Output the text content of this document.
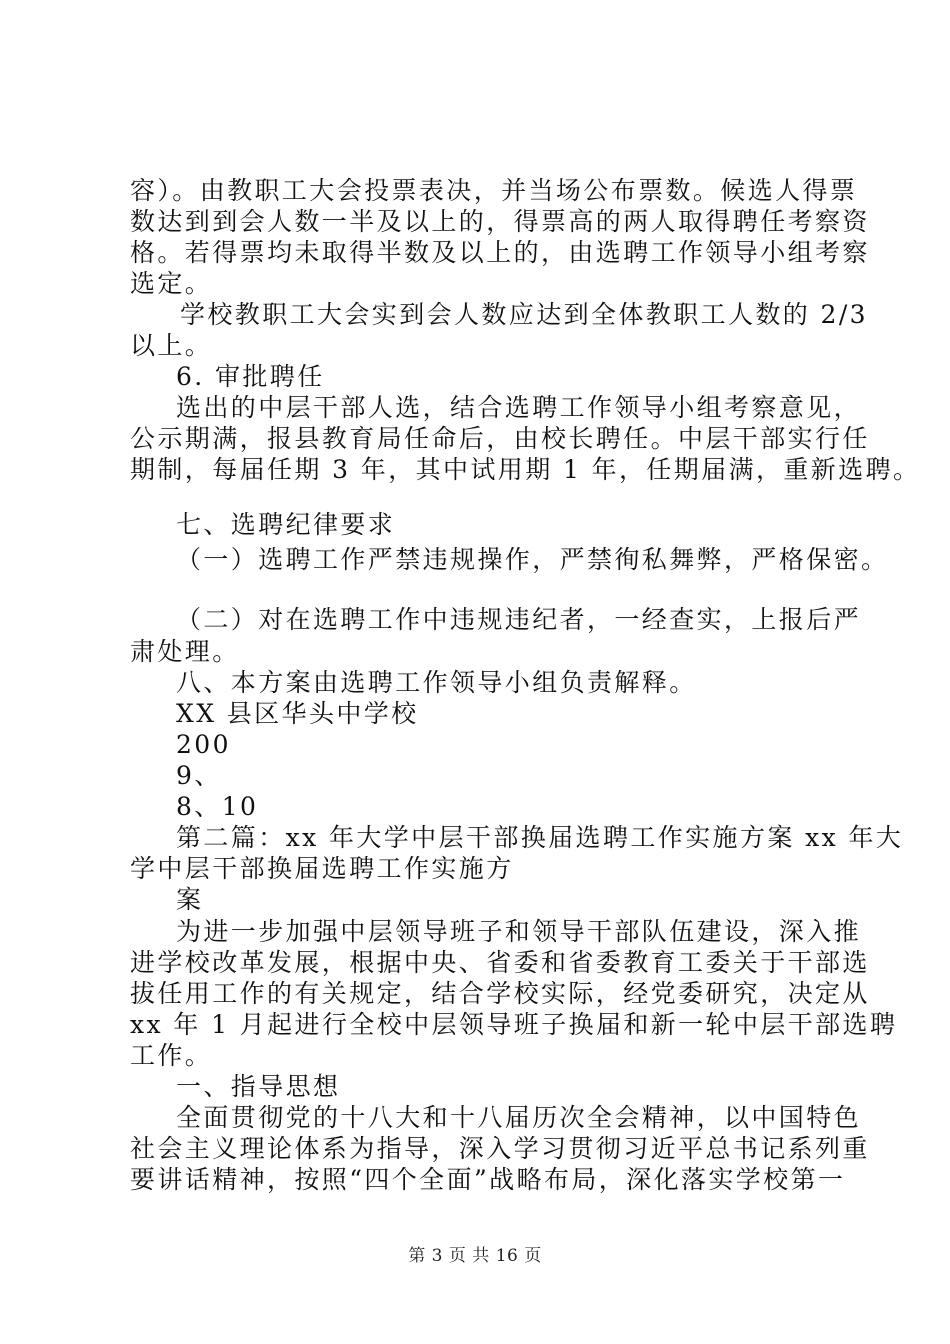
容）。由教职工大会投票表决，并当场公布票数。候选人得票
数达到到会人数一半及以上的，得票高的两人取得聘任考察资
格。若得票均未取得半数及以上的，由选聘工作领导小组考察
选定。
学校教职工大会实到会人数应达到全体教职工人数的 2/3
以上。
6. 审批聘任
选出的中层干部人选，结合选聘工作领导小组考察意见，
公示期满，报县教育局任命后，由校长聘任。中层干部实行任
期制，每届任期 3 年，其中试用期 1 年，任期届满，重新选聘。
七、选聘纪律要求
（一）选聘工作严禁违规操作，严禁徇私舞弊，严格保密。
（二）对在选聘工作中违规违纪者，一经查实，上报后严
肃处理。
八、本方案由选聘工作领导小组负责解释。
XX 县区华头中学校
200
9、
8、10
第二篇：xx 年大学中层干部换届选聘工作实施方案 xx 年大
学中层干部换届选聘工作实施方
案
为进一步加强中层领导班子和领导干部队伍建设，深入推
进学校改革发展，根据中央、省委和省委教育工委关于干部选
拔任用工作的有关规定，结合学校实际，经党委研究，决定从
xx 年 1 月起进行全校中层领导班子换届和新一轮中层干部选聘
工作。
一、指导思想
全面贯彻党的十八大和十八届历次全会精神，以中国特色
社会主义理论体系为指导，深入学习贯彻习近平总书记系列重
要讲话精神，按照“四个全面”战略布局，深化落实学校第一
第 3 页 共 16 页
